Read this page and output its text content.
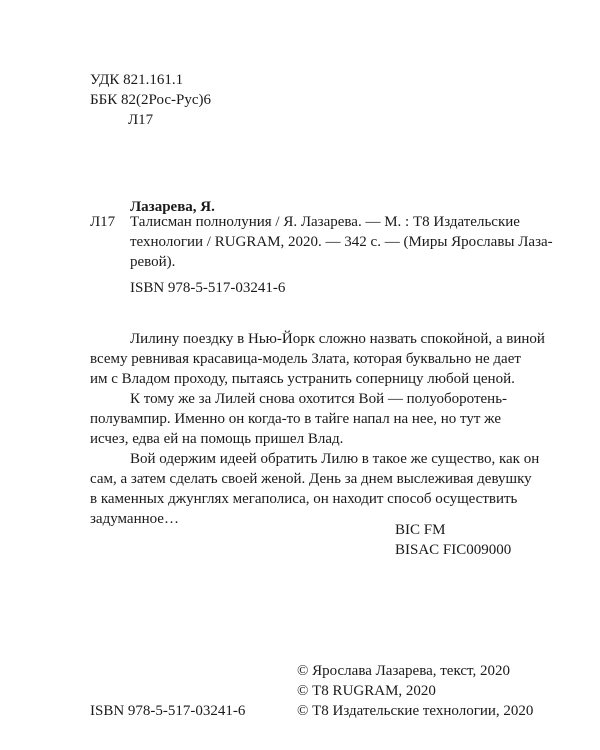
УДК 821.161.1
ББК 82(2Рос-Рус)6
Л17
Лазарева, Я.
Л17 Талисман полнолуния / Я. Лазарева. — М. : Т8 Издательские
технологии / RUGRAM, 2020. — 342 с. — (Миры Ярославы Лаза-
ревой).
ISBN 978-5-517-03241-6
Лилину поездку в Нью-Йорк сложно назвать спокойной, а виной
всему ревнивая красавица-модель Злата, которая буквально не дает
им с Владом проходу, пытаясь устранить соперницу любой ценой.
К тому же за Лилей снова охотится Вой — полуоборотень-
полувампир. Именно он когда-то в тайге напал на нее, но тут же
исчез, едва ей на помощь пришел Влад.
Вой одержим идеей обратить Лилю в такое же существо, как он
сам, а затем сделать своей женой. День за днем выслеживая девушку
в каменных джунглях мегаполиса, он находит способ осуществить
задуманное…
BIC FM
BISAC FIC009000
© Ярослава Лазарева, текст, 2020
© Т8 RUGRAM, 2020
© Т8 Издательские технологии, 2020
ISBN 978-5-517-03241-6
